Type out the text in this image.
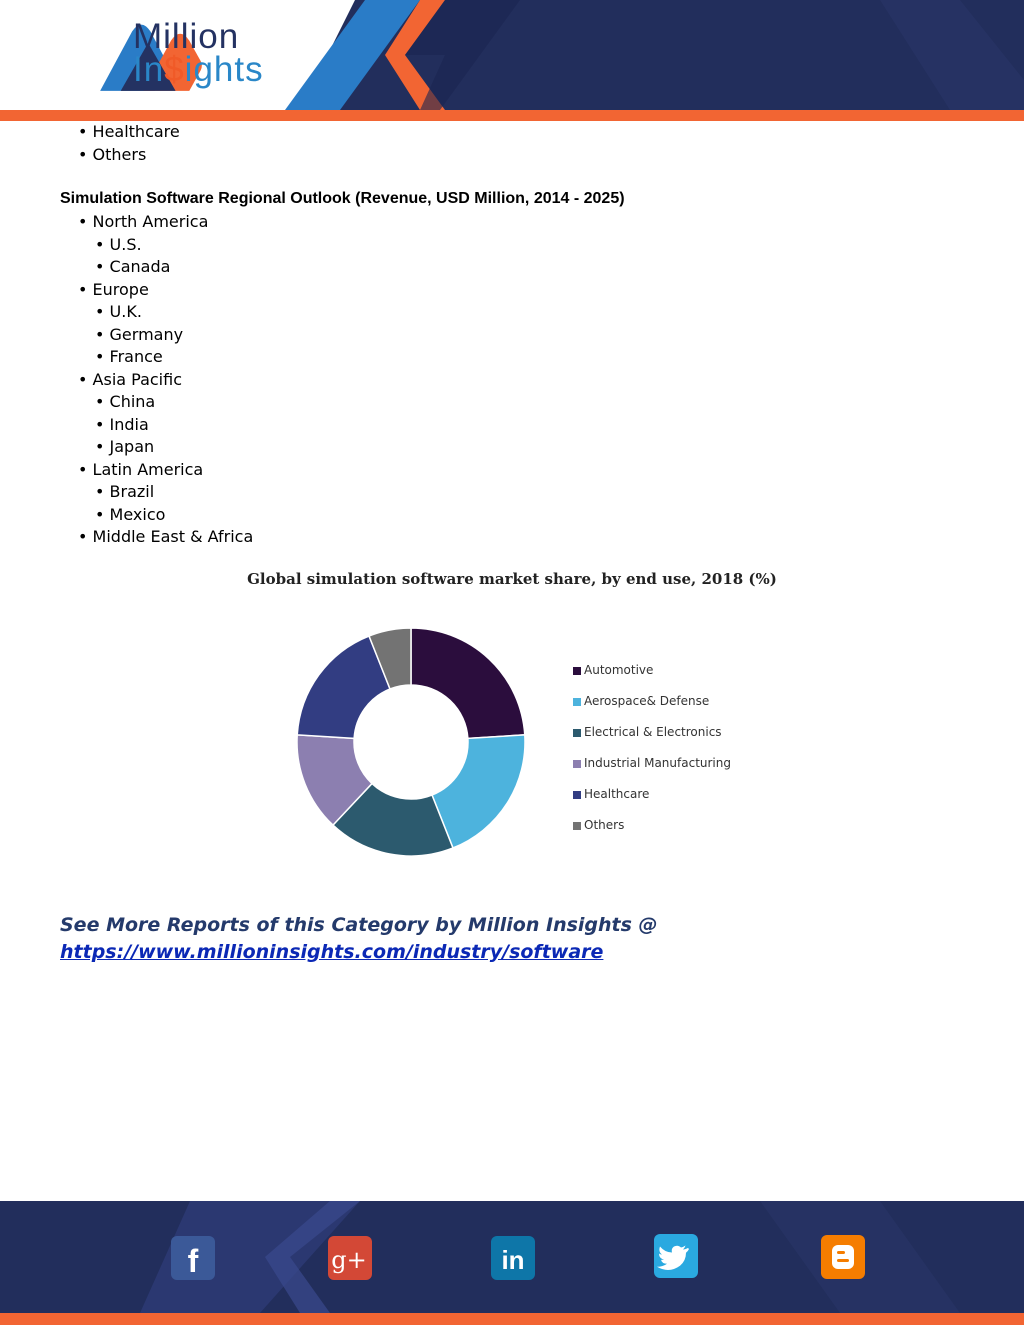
Million
In$ights
• Healthcare
• Others
Simulation Software Regional Outlook (Revenue, USD Million, 2014 - 2025)
• North America
• U.S.
• Canada
• Europe
• U.K.
• Germany
• France
• Asia Pacific
• China
• India
• Japan
• Latin America
• Brazil
• Mexico
• Middle East & Africa
Global simulation software market share, by end use, 2018 (%)
Automotive
Aerospace& Defense
Electrical & Electronics
Industrial Manufacturing
Healthcare
Others
See More Reports of this Category by Million Insights @
https://www.millioninsights.com/industry/software
f	g+	in
